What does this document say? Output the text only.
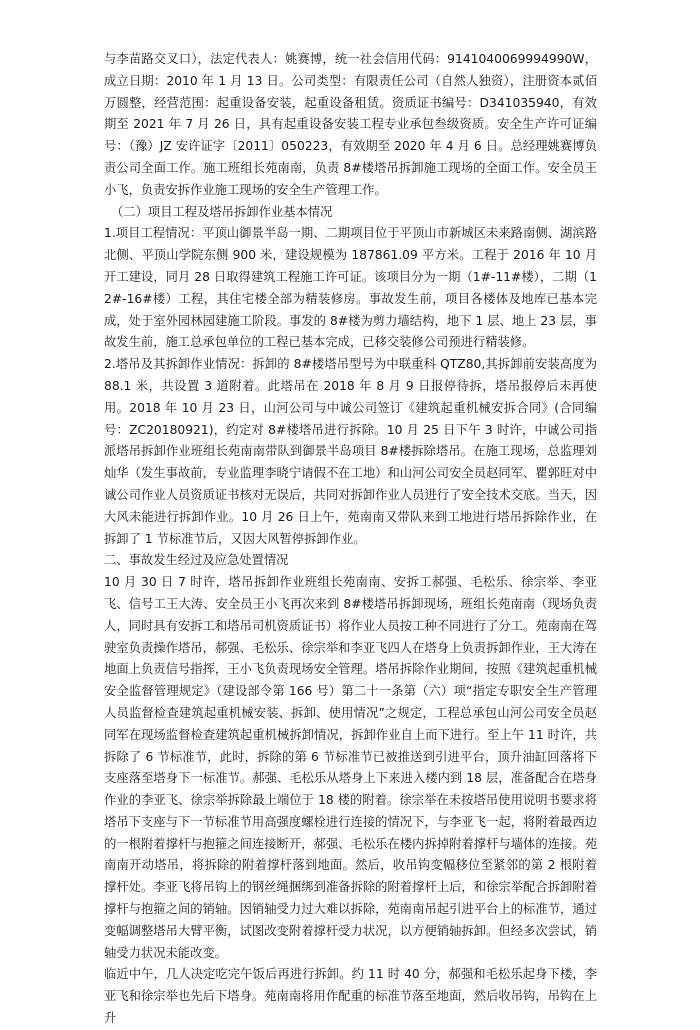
与李苗路交叉口），法定代表人：姚赛博，统一社会信用代码：9141040069994990W，成立日期：2010 年 1 月 13 日。公司类型：有限责任公司（自然人独资），注册资本贰佰万圆整，经营范围：起重设备安装，起重设备租赁。资质证书编号：D341035940，有效期至 2021 年 7 月 26 日，具有起重设备安装工程专业承包叁级资质。安全生产许可证编号：（豫）JZ 安许证字〔2011〕050223，有效期至 2020 年 4 月 6 日。总经理姚赛博负责公司全面工作。施工班组长苑南南，负责 8#楼塔吊拆卸施工现场的全面工作。安全员王小飞，负责安拆作业施工现场的安全生产管理工作。

（二）项目工程及塔吊拆卸作业基本情况

1.项目工程情况：平顶山御景半岛一期、二期项目位于平顶山市新城区未来路南侧、湖滨路北侧、平顶山学院东侧 900 米，建设规模为 187861.09 平方米。工程于 2016 年 10 月开工建设，同月 28 日取得建筑工程施工许可证。该项目分为一期（1#-11#楼），二期（12#-16#楼）工程，其住宅楼全部为精装修房。事故发生前，项目各楼体及地库已基本完成，处于室外园林园建施工阶段。事发的 8#楼为剪力墙结构，地下 1 层、地上 23 层，事故发生前，施工总承包单位的工程已基本完成，已移交装修公司预进行精装修。

2.塔吊及其拆卸作业情况：拆卸的 8#楼塔吊型号为中联重科 QTZ80,其拆卸前安装高度为 88.1 米，共设置 3 道附着。此塔吊在 2018 年 8 月 9 日报停待拆，塔吊报停后未再使用。2018 年 10 月 23 日，山河公司与中诚公司签订《建筑起重机械安拆合同》(合同编号：ZC20180921)，约定对 8#楼塔吊进行拆除。10 月 25 日下午 3 时许，中诚公司指派塔吊拆卸作业班组长苑南南带队到御景半岛项目 8#楼拆除塔吊。在施工现场，总监理刘灿华（发生事故前，专业监理李晓宁请假不在工地）和山河公司安全员赵同军、瞿郭旺对中诚公司作业人员资质证书核对无误后，共同对拆卸作业人员进行了安全技术交底。当天，因大风未能进行拆卸作业。10 月 26 日上午，苑南南又带队来到工地进行塔吊拆除作业，在拆卸了 1 节标准节后，又因大风暂停拆卸作业。

二、事故发生经过及应急处置情况

10 月 30 日 7 时许，塔吊拆卸作业班组长苑南南、安拆工郝强、毛松乐、徐宗举、李亚飞、信号工王大涛、安全员王小飞再次来到 8#楼塔吊拆卸现场，班组长苑南南（现场负责人，同时具有安拆工和塔吊司机资质证书）将作业人员按工种不同进行了分工。苑南南在驾驶室负责操作塔吊，郝强、毛松乐、徐宗举和李亚飞四人在塔身上负责拆卸作业，王大涛在地面上负责信号指挥，王小飞负责现场安全管理。塔吊拆除作业期间，按照《建筑起重机械安全监督管理规定》（建设部令第 166 号）第二十一条第（六）项“指定专职安全生产管理人员监督检查建筑起重机械安装、拆卸、使用情况”之规定，工程总承包山河公司安全员赵同军在现场监督检查建筑起重机械拆卸情况，拆卸作业自上而下进行。至上午 11 时许，共拆除了 6 节标准节，此时，拆除的第 6 节标准节已被推送到引进平台，顶升油缸回落将下支座落至塔身下一标准节。郝强、毛松乐从塔身上下来进入楼内到 18 层，准备配合在塔身作业的李亚飞、徐宗举拆除最上端位于 18 楼的附着。徐宗举在未按塔吊使用说明书要求将塔吊下支座与下一节标准节用高强度螺栓进行连接的情况下，与李亚飞一起，将附着最西边的一根附着撑杆与抱箍之间连接断开，郝强、毛松乐在楼内拆掉附着撑杆与墙体的连接。苑南南开动塔吊，将拆除的附着撑杆落到地面。然后，收吊钩变幅移位至紧邻的第 2 根附着撑杆处。李亚飞将吊钩上的钢丝绳捆绑到准备拆除的附着撑杆上后，和徐宗举配合拆卸附着撑杆与抱箍之间的销轴。因销轴受力过大难以拆除，苑南南吊起引进平台上的标准节，通过变幅调整塔吊大臂平衡，试图改变附着撑杆受力状况，以方便销轴拆卸。但经多次尝试，销轴受力状况未能改变。

临近中午，几人决定吃完午饭后再进行拆卸。约 11 时 40 分，郝强和毛松乐起身下楼，李亚飞和徐宗举也先后下塔身。苑南南将用作配重的标准节落至地面，然后收吊钩，吊钩在上升
